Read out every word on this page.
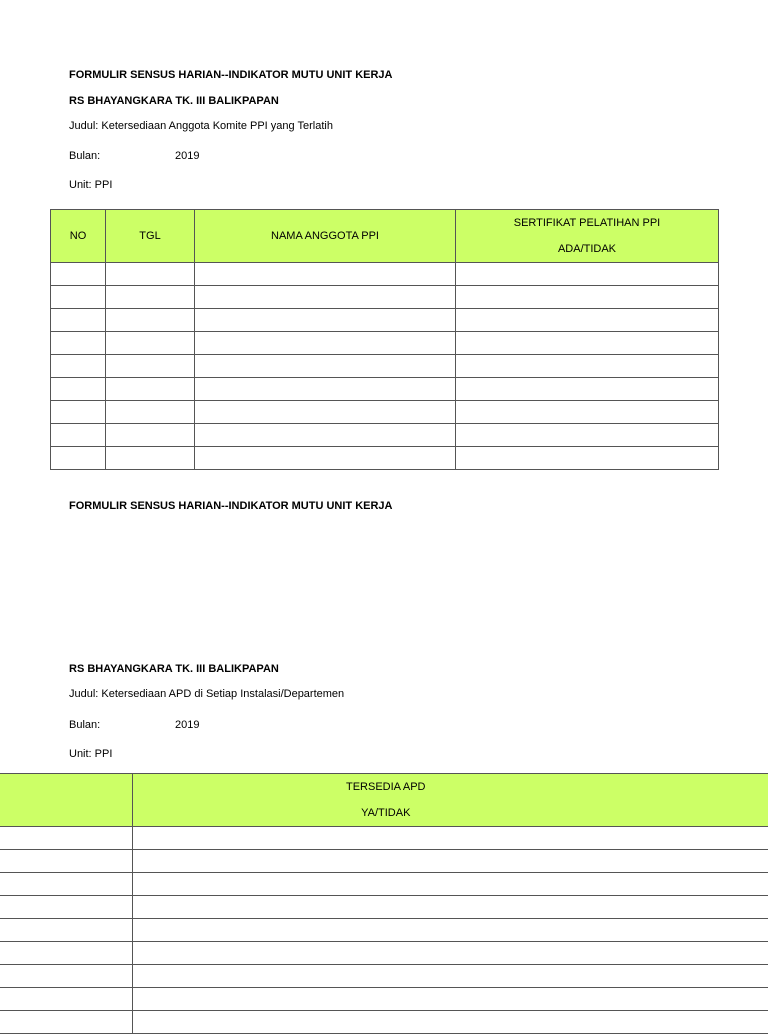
FORMULIR SENSUS HARIAN--INDIKATOR MUTU UNIT KERJA
RS BHAYANGKARA TK. III BALIKPAPAN
Judul: Ketersediaan Anggota Komite PPI yang Terlatih
Bulan:	2019
Unit: PPI
NO	TGL	NAMA ANGGOTA PPI	SERTIFIKAT PELATIHAN PPI
ADA/TIDAK

FORMULIR SENSUS HARIAN--INDIKATOR MUTU UNIT KERJA
RS BHAYANGKARA TK. III BALIKPAPAN
Judul: Ketersediaan APD di Setiap Instalasi/Departemen
Bulan:	2019
Unit: PPI

	TERSEDIA APD
YA/TIDAK
